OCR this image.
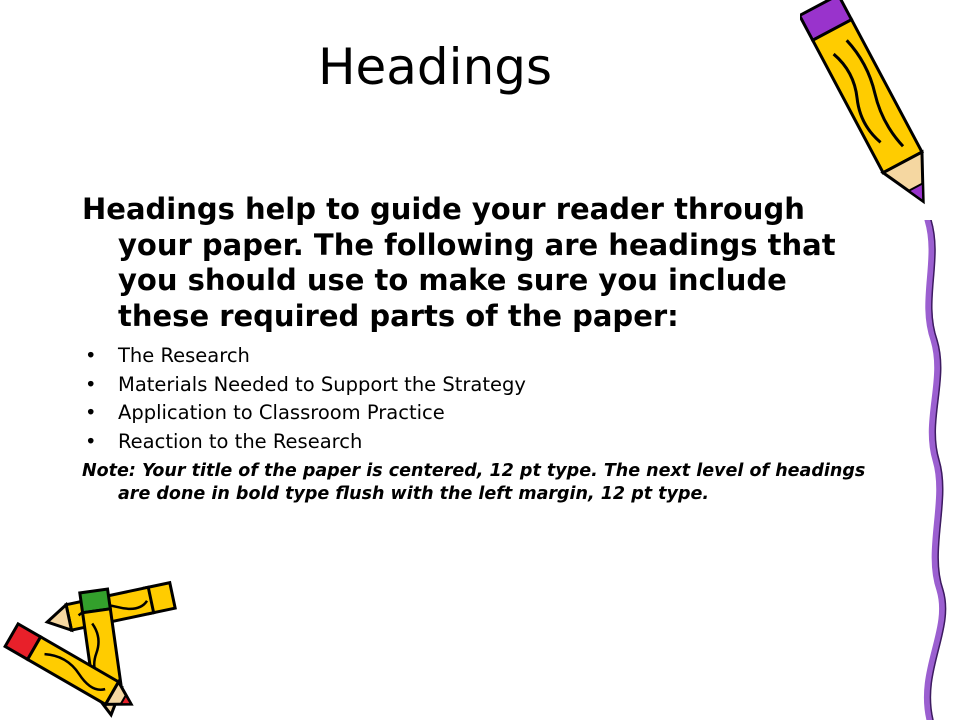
Headings

Headings help to guide your reader through your paper. The following are headings that you should use to make sure you include these required parts of the paper:

• The Research
• Materials Needed to Support the Strategy
• Application to Classroom Practice
• Reaction to the Research

Note: Your title of the paper is centered, 12 pt type. The next level of headings are done in bold type flush with the left margin, 12 pt type.
